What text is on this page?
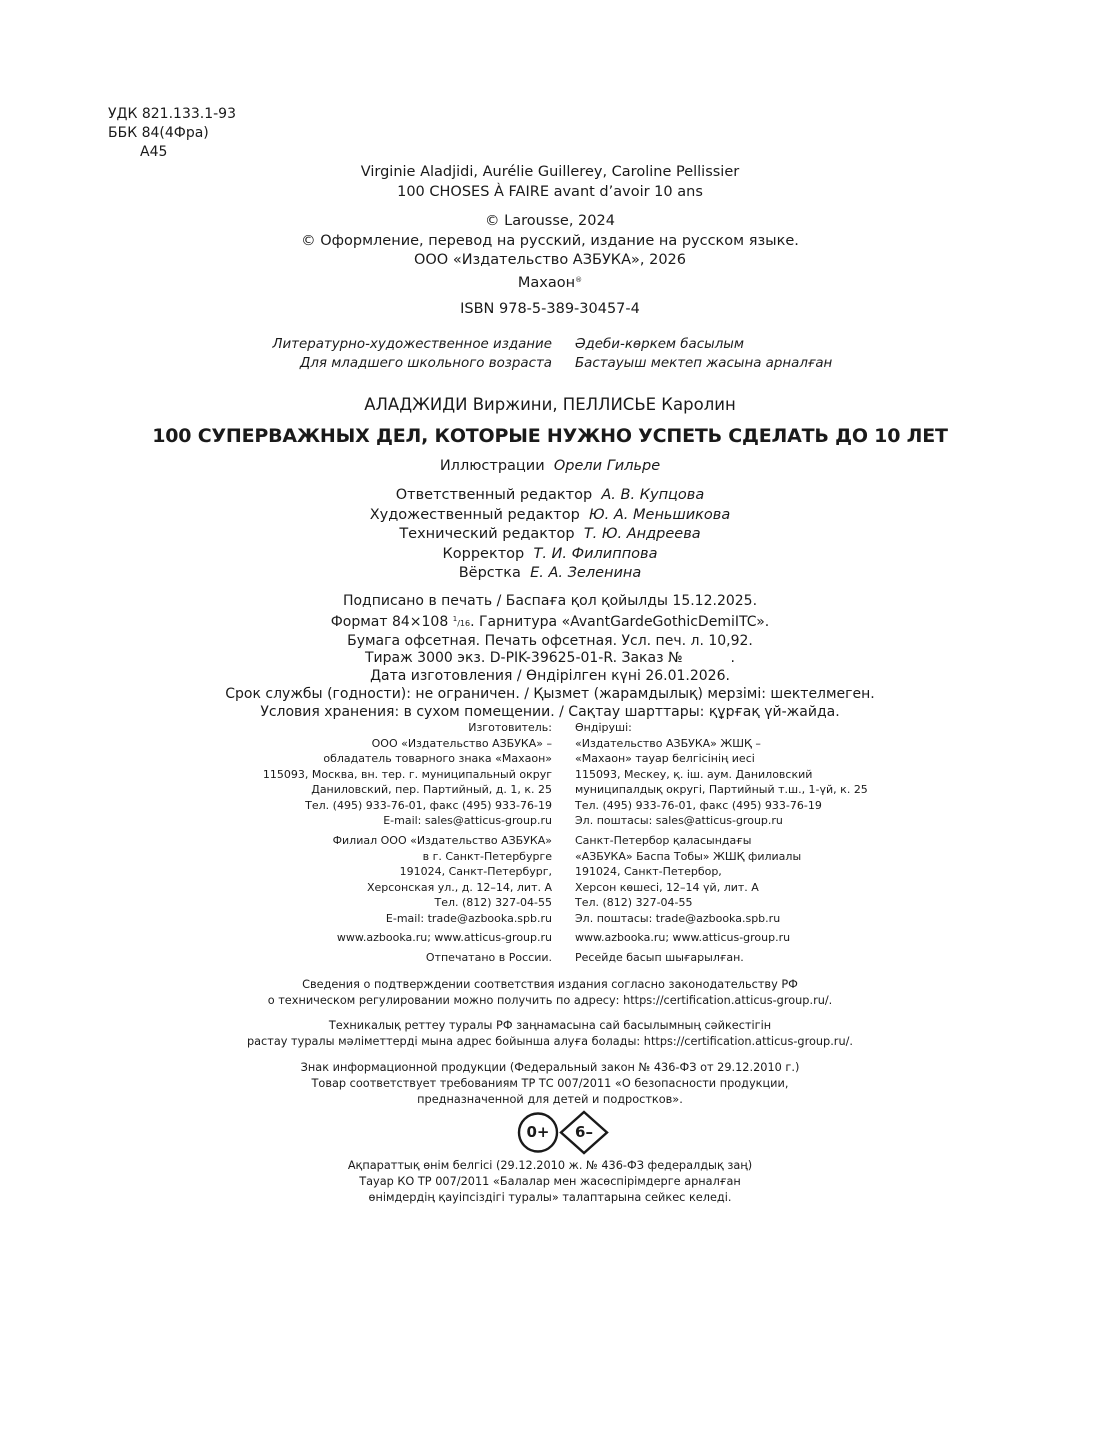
УДК 821.133.1-93
ББК 84(4Фра)
А45
Virginie Aladjidi, Aurélie Guillerey, Caroline Pellissier
100 CHOSES À FAIRE avant d’avoir 10 ans
© Larousse, 2024
© Оформление, перевод на русский, издание на русском языке.
ООО «Издательство АЗБУКА», 2026
Махаон®
ISBN 978-5-389-30457-4
Литературно-художественное издание
Для младшего школьного возраста
Әдеби-көркем басылым
Бастауыш мектеп жасына арналған
АЛАДЖИДИ Виржини, ПЕЛЛИСЬЕ Каролин
100 СУПЕРВАЖНЫХ ДЕЛ, КОТОРЫЕ НУЖНО УСПЕТЬ СДЕЛАТЬ ДО 10 ЛЕТ
Иллюстрации Орели Гильре
Ответственный редактор А. В. Купцова
Художественный редактор Ю. А. Меньшикова
Технический редактор Т. Ю. Андреева
Корректор Т. И. Филиппова
Вёрстка Е. А. Зеленина
Подписано в печать / Баспаға қол қойылды 15.12.2025.
Формат 84×108 $^1$/16. Гарнитура «AvantGardeGothicDemiITC».
Бумага офсетная. Печать офсетная. Усл. печ. л. 10,92.
Тираж 3000 экз. D-PIK-39625-01-R. Заказ №	.
Дата изготовления / Өндірілген күні 26.01.2026.
Срок службы (годности): не ограничен. / Қызмет (жарамдылық) мерзімі: шектелмеген.
Условия хранения: в сухом помещении. / Сақтау шарттары: құрғақ үй-жайда.
Изготовитель:
ООО «Издательство АЗБУКА» –
обладатель товарного знака «Махаон»
115093, Москва, вн. тер. г. муниципальный округ
Даниловский, пер. Партийный, д. 1, к. 25
Тел. (495) 933-76-01, факс (495) 933-76-19
E-mail: sales@atticus-group.ru
Өндіруші:
«Издательство АЗБУКА» ЖШҚ –
«Махаон» тауар белгісінің иесі
115093, Мескеу, қ. іш. аум. Даниловский
муниципалдық округі, Партийный т.ш., 1-үй, к. 25
Тел. (495) 933-76-01, факс (495) 933-76-19
Эл. поштасы: sales@atticus-group.ru
Филиал ООО «Издательство АЗБУКА»
в г. Санкт-Петербурге
191024, Санкт-Петербург,
Херсонская ул., д. 12–14, лит. А
Тел. (812) 327-04-55
E-mail: trade@azbooka.spb.ru
Санкт-Петербор қаласындағы
«АЗБУКА» Баспа Тобы» ЖШҚ филиалы
191024, Санкт-Петербор,
Херсон көшесі, 12–14 үй, лит. А
Тел. (812) 327-04-55
Эл. поштасы: trade@azbooka.spb.ru
www.azbooka.ru; www.atticus-group.ru www.azbooka.ru; www.atticus-group.ru
Отпечатано в России. Ресейде басып шығарылған.
Сведения о подтверждении соответствия издания согласно законодательству РФ
о техническом регулировании можно получить по адресу: https://certification.atticus-group.ru/.
Техникалық реттеу туралы РФ заңнамасына сай басылымның сәйкестігін
растау туралы мәліметтерді мына адрес бойынша алуға болады: https://certification.atticus-group.ru/.
Знак информационной продукции (Федеральный закон № 436-ФЗ от 29.12.2010 г.)
Товар соответствует требованиям ТР ТС 007/2011 «О безопасности продукции,
предназначенной для детей и подростков».
0+	6–
Ақпараттық өнім белгісі (29.12.2010 ж. № 436-ФЗ федералдық заң)
Тауар КО ТР 007/2011 «Балалар мен жасөспірімдерге арналған
өнімдердің қауіпсіздігі туралы» талаптарына сейкес келеді.
